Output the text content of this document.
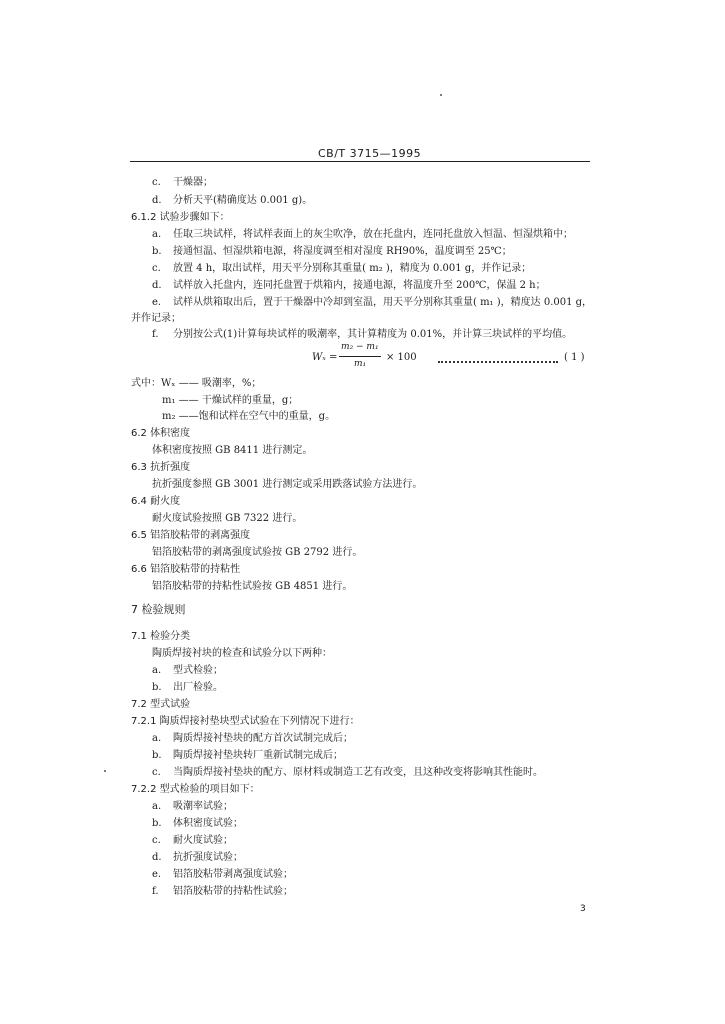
CB/T 3715—1995
c. 干燥器；
d. 分析天平(精确度达 0.001 g)。
6.1.2 试验步骤如下：
a. 任取三块试样，将试样表面上的灰尘吹净，放在托盘内，连同托盘放入恒温、恒湿烘箱中；
b. 接通恒温、恒湿烘箱电源，将湿度调至相对湿度 RH90%，温度调至 25℃；
c. 放置 4 h，取出试样，用天平分别称其重量( m₂ )，精度为 0.001 g，并作记录；
d. 试样放入托盘内，连同托盘置于烘箱内，接通电源，将温度升至 200℃，保温 2 h；
e. 试样从烘箱取出后，置于干燥器中冷却到室温，用天平分别称其重量( m₁ )，精度达 0.001 g，
并作记录；
f. 分别按公式(1)计算每块试样的吸潮率，其计算精度为 0.01%，并计算三块试样的平均值。
Wₓ =
m₂ − m₁
m₁
× 100	( 1 )
式中：Wₓ —— 吸潮率，%；
m₁ —— 干燥试样的重量，g；
m₂ ——饱和试样在空气中的重量，g。
6.2 体积密度
体积密度按照 GB 8411 进行测定。
6.3 抗折强度
抗折强度参照 GB 3001 进行测定或采用跌落试验方法进行。
6.4 耐火度
耐火度试验按照 GB 7322 进行。
6.5 铝箔胶粘带的剥离强度
铝箔胶粘带的剥离强度试验按 GB 2792 进行。
6.6 铝箔胶粘带的持粘性
铝箔胶粘带的持粘性试验按 GB 4851 进行。
7 检验规则
7.1 检验分类
陶质焊接衬块的检查和试验分以下两种：
a. 型式检验；
b. 出厂检验。
7.2 型式试验
7.2.1 陶质焊接衬垫块型式试验在下列情况下进行：
a. 陶质焊接衬垫块的配方首次试制完成后；
b. 陶质焊接衬垫块转厂重新试制完成后；
c. 当陶质焊接衬垫块的配方、原材料或制造工艺有改变，且这种改变将影响其性能时。
7.2.2 型式检验的项目如下：
a. 吸潮率试验；
b. 体积密度试验；
c. 耐火度试验；
d. 抗折强度试验；
e. 铝箔胶粘带剥离强度试验；
f. 铝箔胶粘带的持粘性试验；
3
